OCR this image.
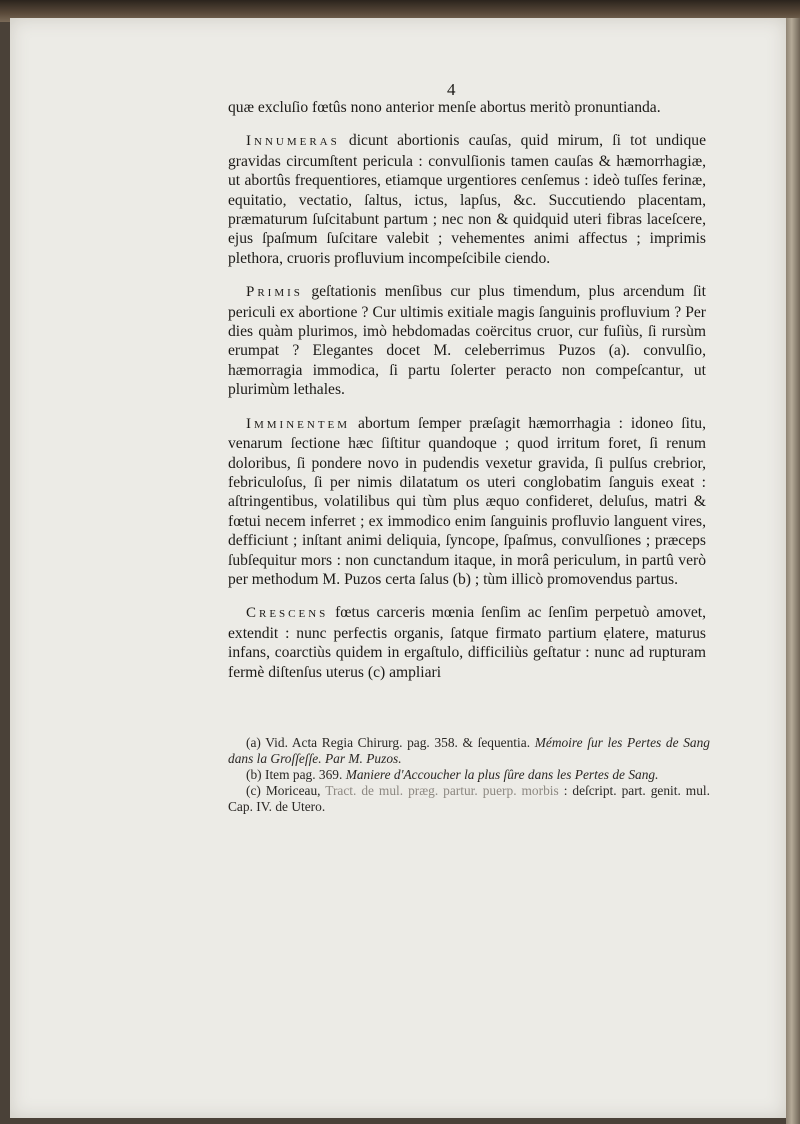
4

quæ excluſio fœtûs nono anterior menſe abortus meritò pronuntianda.

Innumeras dicunt abortionis cauſas, quid mirum, ſi tot undique gravidas circumſtent pericula : convulſionis tamen cauſas & hæmorrhagiæ, ut abortûs frequentiores, etiamque urgentiores cenſemus : ideò tuſſes ferinæ, equitatio, vectatio, ſaltus, ictus, lapſus, &c. Succutiendo placentam, præmaturum ſuſcitabunt partum ; nec non & quidquid uteri fibras laceſcere, ejus ſpaſmum ſuſcitare valebit ; vehementes animi affectus ; imprimis plethora, cruoris profluvium incompeſcibile ciendo.

Primis geſtationis menſibus cur plus timendum, plus arcendum ſit periculi ex abortione ? Cur ultimis exitiale magis ſanguinis profluvium ? Per dies quàm plurimos, imò hebdomadas coërcitus cruor, cur fuſiùs, ſi rursùm erumpat ? Elegantes docet M. celeberrimus Puzos (a). convulſio, hæmorragia immodica, ſi partu ſolerter peracto non compeſcantur, ut plurimùm lethales.

Imminentem abortum ſemper præſagit hæmorrhagia : idoneo ſitu, venarum ſectione hæc ſiſtitur quandoque ; quod irritum foret, ſi renum doloribus, ſi pondere novo in pudendis vexetur gravida, ſi pulſus crebrior, febriculoſus, ſi per nimis dilatatum os uteri conglobatim ſanguis exeat : aſtringentibus, volatilibus qui tùm plus æquo confideret, deluſus, matri & fœtui necem inferret ; ex immodico enim ſanguinis profluvio languent vires, defficiunt ; inſtant animi deliquia, ſyncope, ſpaſmus, convulſiones ; præceps ſubſequitur mors : non cunctandum itaque, in morâ periculum, in partû verò per methodum M. Puzos certa ſalus (b) ; tùm illicò promovendus partus.

Crescens fœtus carceris mœnia ſenſim ac ſenſim perpetuò amovet, extendit : nunc perfectis organis, ſatque firmato partium ẹlatere, maturus infans, coarctiùs quidem in ergaſtulo, difficiliùs geſtatur : nunc ad rupturam fermè diſtenſus uterus (c) ampliari

(a) Vid. Acta Regia Chirurg. pag. 358. & ſequentia. Mémoire ſur les Pertes de Sang dans la Groſſeſſe. Par M. Puzos.

(b) Item pag. 369. Maniere d'Accoucher la plus ſûre dans les Pertes de Sang.

(c) Moriceau, Tract. de mul. præg. partur. puerp. morbis : deſcript. part. genit. mul. Cap. IV. de Utero.
